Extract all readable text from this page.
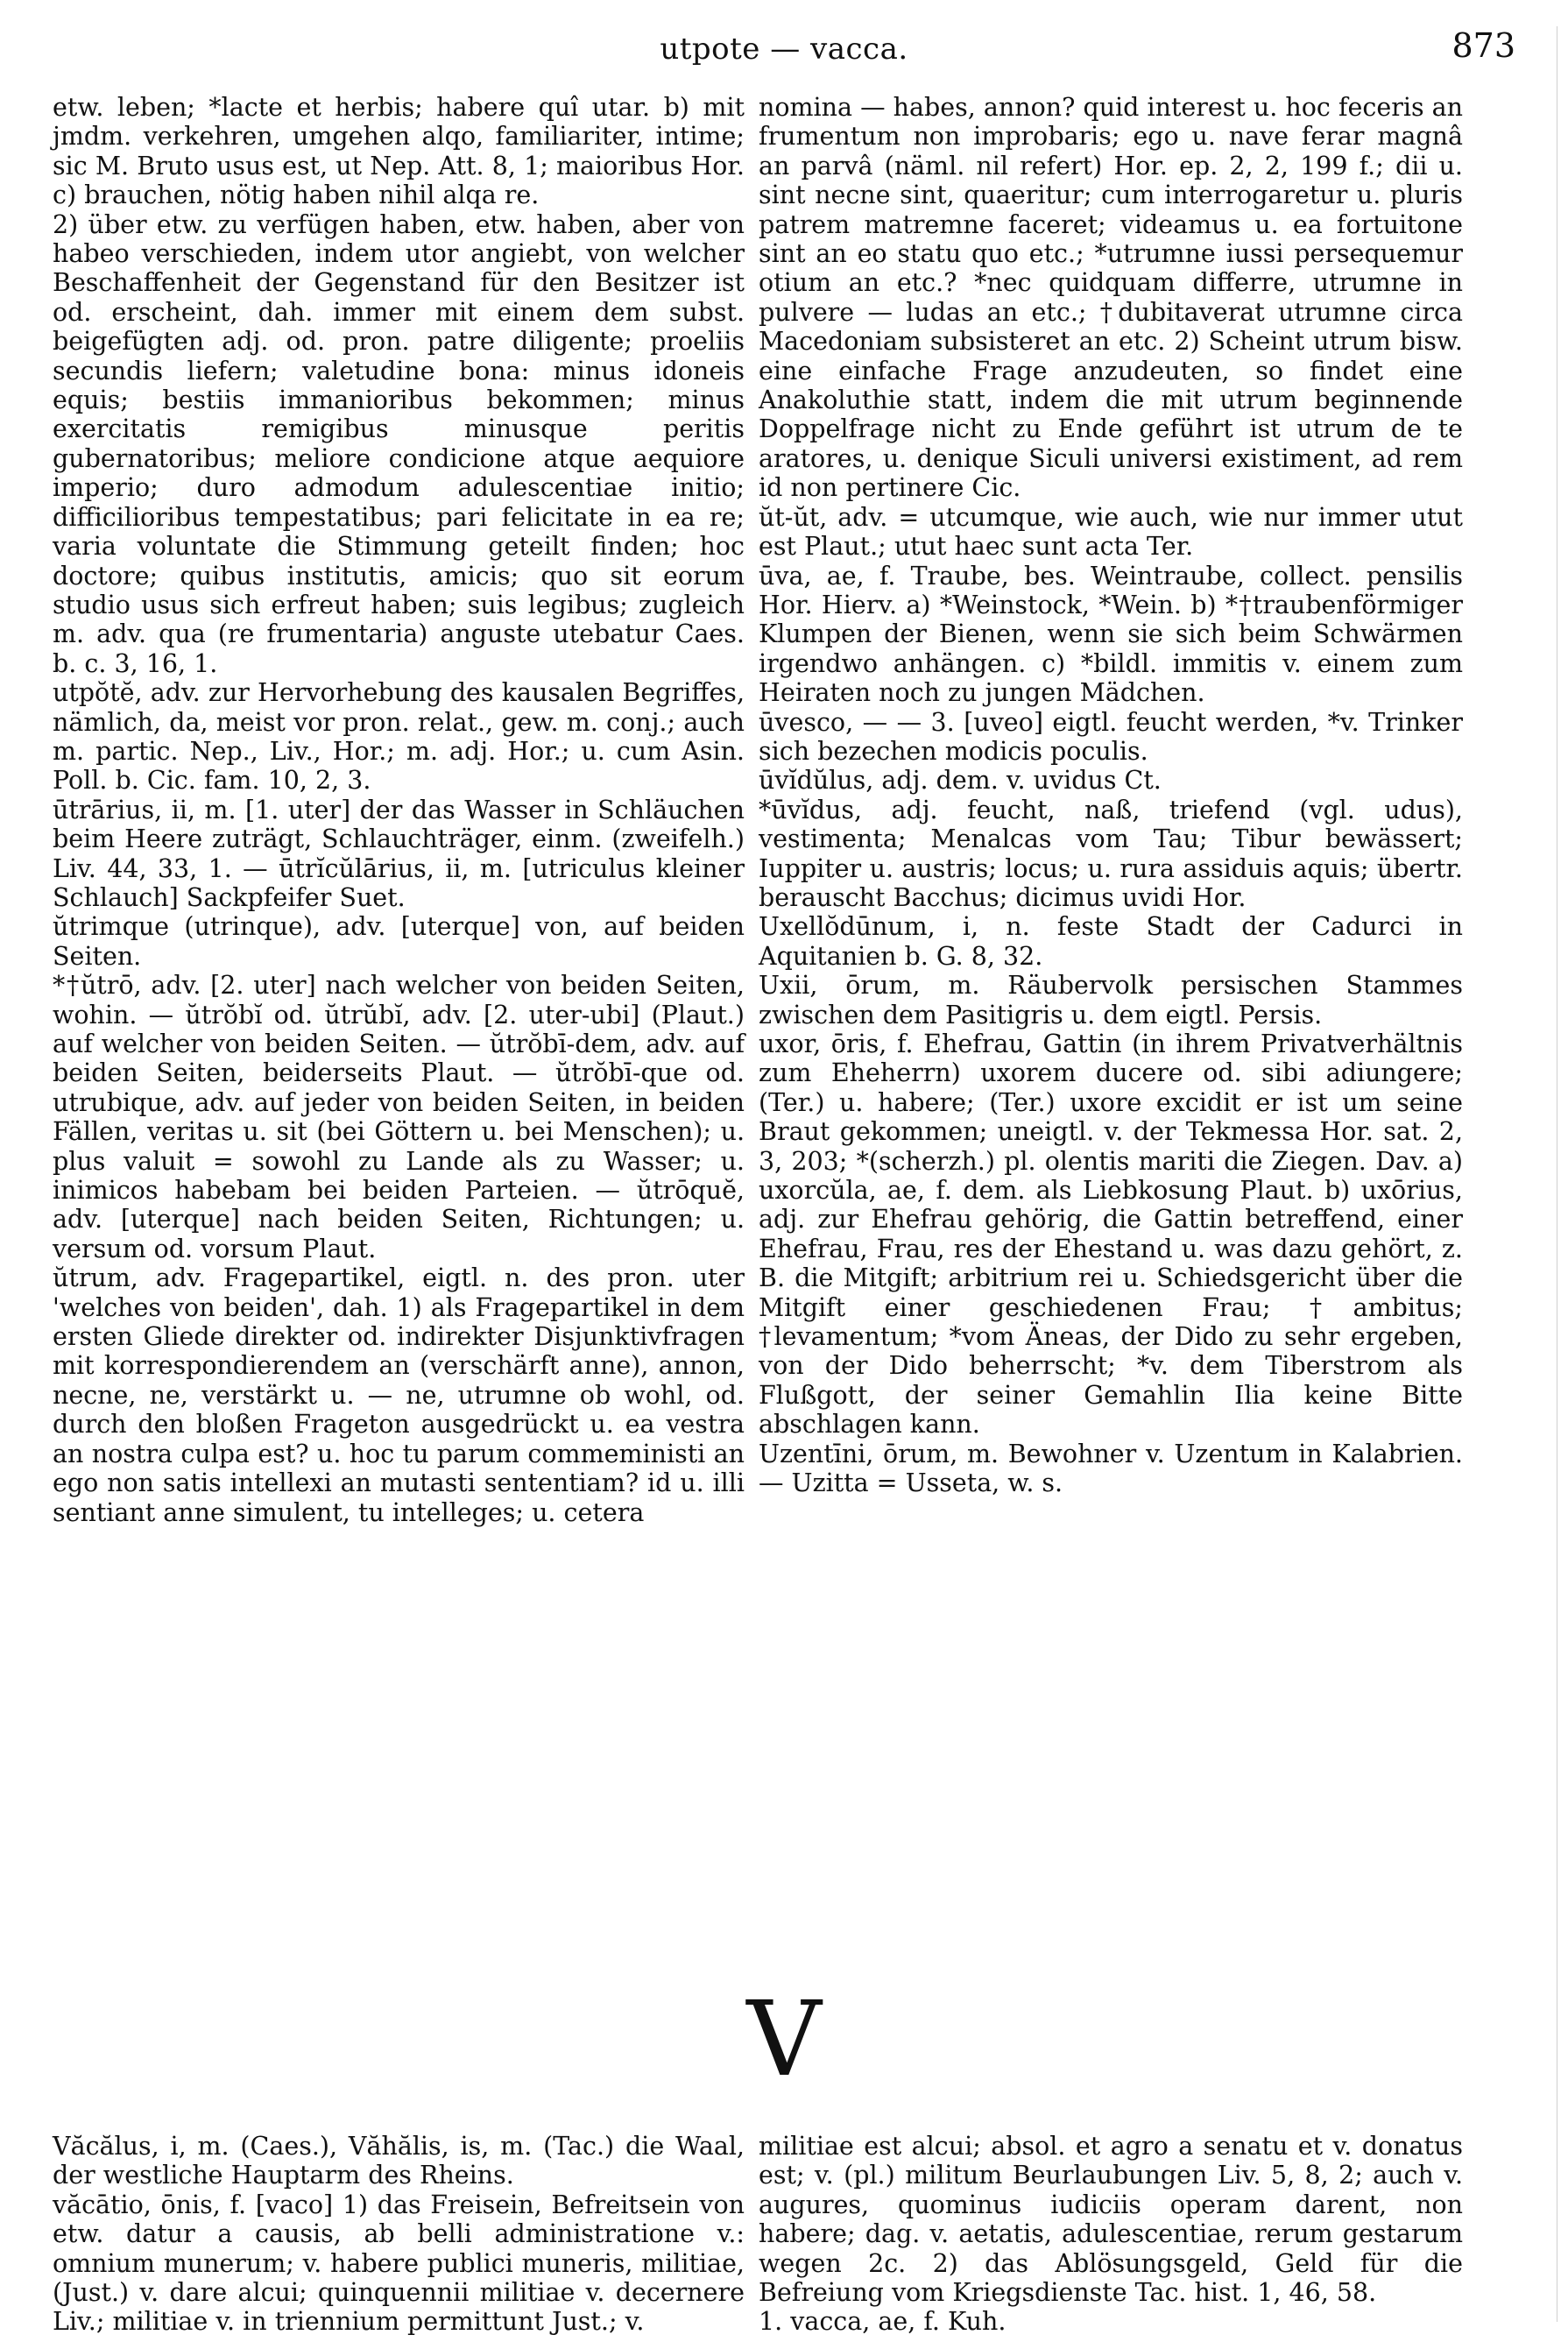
utpote — vacca.	873

etw. leben; *lacte et herbis; habere quî utar. b) mit jmdm. verkehren, umgehen alqo, familiariter, intime; sic M. Bruto usus est, ut Nep. Att. 8, 1; maioribus Hor. c) brauchen, nötig haben nihil alqa re.

2) über etw. zu verfügen haben, etw. haben, aber von habeo verschieden, indem utor angiebt, von welcher Beschaffenheit der Gegenstand für den Besitzer ist od. erscheint, dah. immer mit einem dem subst. beigefügten adj. od. pron. patre diligente; proeliis secundis liefern; valetudine bona: minus idoneis equis; bestiis immanioribus bekommen; minus exercitatis remigibus minusque peritis gubernatoribus; meliore condicione atque aequiore imperio; duro admodum adulescentiae initio; difficilioribus tempestatibus; pari felicitate in ea re; varia voluntate die Stimmung geteilt finden; hoc doctore; quibus institutis, amicis; quo sit eorum studio usus sich erfreut haben; suis legibus; zugleich m. adv. qua (re frumentaria) anguste utebatur Caes. b. c. 3, 16, 1.

utpŏtĕ, adv. zur Hervorhebung des kausalen Begriffes, nämlich, da, meist vor pron. relat., gew. m. conj.; auch m. partic. Nep., Liv., Hor.; m. adj. Hor.; u. cum Asin. Poll. b. Cic. fam. 10, 2, 3.

ūtrārius, ii, m. [1. uter] der das Wasser in Schläuchen beim Heere zuträgt, Schlauchträger, einm. (zweifelh.) Liv. 44, 33, 1. — ūtrĭcŭlārius, ii, m. [utriculus kleiner Schlauch] Sackpfeifer Suet.

ŭtrimque (utrinque), adv. [uterque] von, auf beiden Seiten.

*†ŭtrō, adv. [2. uter] nach welcher von beiden Seiten, wohin. — ŭtrŏbĭ od. ŭtrŭbĭ, adv. [2. uter-ubi] (Plaut.) auf welcher von beiden Seiten. — ŭtrŏbī-dem, adv. auf beiden Seiten, beiderseits Plaut. — ŭtrŏbī-que od. utrubique, adv. auf jeder von beiden Seiten, in beiden Fällen, veritas u. sit (bei Göttern u. bei Menschen); u. plus valuit = sowohl zu Lande als zu Wasser; u. inimicos habebam bei beiden Parteien. — ŭtrōquĕ, adv. [uterque] nach beiden Seiten, Richtungen; u. versum od. vorsum Plaut.

ŭtrum, adv. Fragepartikel, eigtl. n. des pron. uter 'welches von beiden', dah. 1) als Fragepartikel in dem ersten Gliede direkter od. indirekter Disjunktivfragen mit korrespondierendem an (verschärft anne), annon, necne, ne, verstärkt u. — ne, utrumne ob wohl, od. durch den bloßen Frageton ausgedrückt u. ea vestra an nostra culpa est? u. hoc tu parum commeministi an ego non satis intellexi an mutasti sententiam? id u. illi sentiant anne simulent, tu intelleges; u. cetera

nomina — habes, annon? quid interest u. hoc feceris an frumentum non improbaris; ego u. nave ferar magnâ an parvâ (näml. nil refert) Hor. ep. 2, 2, 199 f.; dii u. sint necne sint, quaeritur; cum interrogaretur u. pluris patrem matremne faceret; videamus u. ea fortuitone sint an eo statu quo etc.; *utrumne iussi persequemur otium an etc.? *nec quidquam differre, utrumne in pulvere — ludas an etc.; †dubitaverat utrumne circa Macedoniam subsisteret an etc. 2) Scheint utrum bisw. eine einfache Frage anzudeuten, so findet eine Anakoluthie statt, indem die mit utrum beginnende Doppelfrage nicht zu Ende geführt ist utrum de te aratores, u. denique Siculi universi existiment, ad rem id non pertinere Cic.

ŭt-ŭt, adv. = utcumque, wie auch, wie nur immer utut est Plaut.; utut haec sunt acta Ter.

ūva, ae, f. Traube, bes. Weintraube, collect. pensilis Hor. Hierv. a) *Weinstock, *Wein. b) *†traubenförmiger Klumpen der Bienen, wenn sie sich beim Schwärmen irgendwo anhängen. c) *bildl. immitis v. einem zum Heiraten noch zu jungen Mädchen.

ūvesco, — — 3. [uveo] eigtl. feucht werden, *v. Trinker sich bezechen modicis poculis.

ūvĭdŭlus, adj. dem. v. uvidus Ct.

*ūvĭdus, adj. feucht, naß, triefend (vgl. udus), vestimenta; Menalcas vom Tau; Tibur bewässert; Iuppiter u. austris; locus; u. rura assiduis aquis; übertr. berauscht Bacchus; dicimus uvidi Hor.

Uxellŏdūnum, i, n. feste Stadt der Cadurci in Aquitanien b. G. 8, 32.

Uxii, ōrum, m. Räubervolk persischen Stammes zwischen dem Pasitigris u. dem eigtl. Persis.

uxor, ōris, f. Ehefrau, Gattin (in ihrem Privatverhältnis zum Eheherrn) uxorem ducere od. sibi adiungere; (Ter.) u. habere; (Ter.) uxore excidit er ist um seine Braut gekommen; uneigtl. v. der Tekmessa Hor. sat. 2, 3, 203; *(scherzh.) pl. olentis mariti die Ziegen. Dav. a) uxorcŭla, ae, f. dem. als Liebkosung Plaut. b) uxōrius, adj. zur Ehefrau gehörig, die Gattin betreffend, einer Ehefrau, Frau, res der Ehestand u. was dazu gehört, z. B. die Mitgift; arbitrium rei u. Schiedsgericht über die Mitgift einer geschiedenen Frau; †ambitus; †levamentum; *vom Äneas, der Dido zu sehr ergeben, von der Dido beherrscht; *v. dem Tiberstrom als Flußgott, der seiner Gemahlin Ilia keine Bitte abschlagen kann.

Uzentīni, ōrum, m. Bewohner v. Uzentum in Kalabrien. — Uzitta = Usseta, w. s.

V

Văcălus, i, m. (Caes.), Văhălis, is, m. (Tac.) die Waal, der westliche Hauptarm des Rheins.

văcātio, ōnis, f. [vaco] 1) das Freisein, Befreitsein von etw. datur a causis, ab belli administratione v.: omnium munerum; v. habere publici muneris, militiae, (Just.) v. dare alcui; quinquennii militiae v. decernere Liv.; militiae v. in triennium permittunt Just.; v.

militiae est alcui; absol. et agro a senatu et v. donatus est; v. (pl.) militum Beurlaubungen Liv. 5, 8, 2; auch v. augures, quominus iudiciis operam darent, non habere; dag. v. aetatis, adulescentiae, rerum gestarum wegen 2c. 2) das Ablösungsgeld, Geld für die Befreiung vom Kriegsdienste Tac. hist. 1, 46, 58.

1. vacca, ae, f. Kuh.
